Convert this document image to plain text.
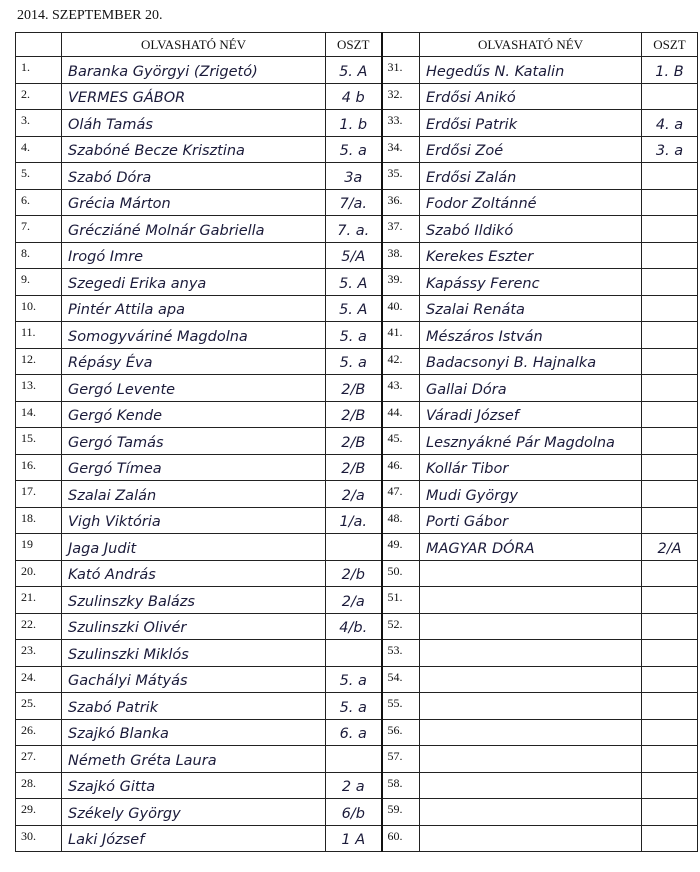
2014. SZEPTEMBER 20.
	OLVASHATÓ NÉV	OSZT		OLVASHATÓ NÉV	OSZT
1.	Baranka Györgyi (Zrigetó)	5. A	31.	Hegedűs N. Katalin	1. B
2.	VERMES GÁBOR	4 b	32.	Erdősi Anikó	
3.	Oláh Tamás	1. b	33.	Erdősi Patrik	4. a
4.	Szabóné Becze Krisztina	5. a	34.	Erdősi Zoé	3. a
5.	Szabó Dóra	3a	35.	Erdősi Zalán	
6.	Grécia Márton	7/a.	36.	Fodor Zoltánné	
7.	Grécziáné Molnár Gabriella	7. a.	37.	Szabó Ildikó	
8.	Irogó Imre	5/A	38.	Kerekes Eszter	
9.	Szegedi Erika anya	5. A	39.	Kapássy Ferenc	
10.	Pintér Attila apa	5. A	40.	Szalai Renáta	
11.	Somogyváriné Magdolna	5. a	41.	Mészáros István	
12.	Répásy Éva	5. a	42.	Badacsonyi B. Hajnalka	
13.	Gergó Levente	2/B	43.	Gallai Dóra	
14.	Gergó Kende	2/B	44.	Váradi József	
15.	Gergó Tamás	2/B	45.	Lesznyákné Pár Magdolna	
16.	Gergó Tímea	2/B	46.	Kollár Tibor	
17.	Szalai Zalán	2/a	47.	Mudi György	
18.	Vigh Viktória	1/a.	48.	Porti Gábor	
19	Jaga Judit		49.	MAGYAR DÓRA	2/A
20.	Kató András	2/b	50.		
21.	Szulinszky Balázs	2/a	51.		
22.	Szulinszki Olivér	4/b.	52.		
23.	Szulinszki Miklós		53.		
24.	Gachályi Mátyás	5. a	54.		
25.	Szabó Patrik	5. a	55.		
26.	Szajkó Blanka	6. a	56.		
27.	Németh Gréta Laura		57.		
28.	Szajkó Gitta	2 a	58.		
29.	Székely György	6/b	59.		
30.	Laki József	1 A	60.		
